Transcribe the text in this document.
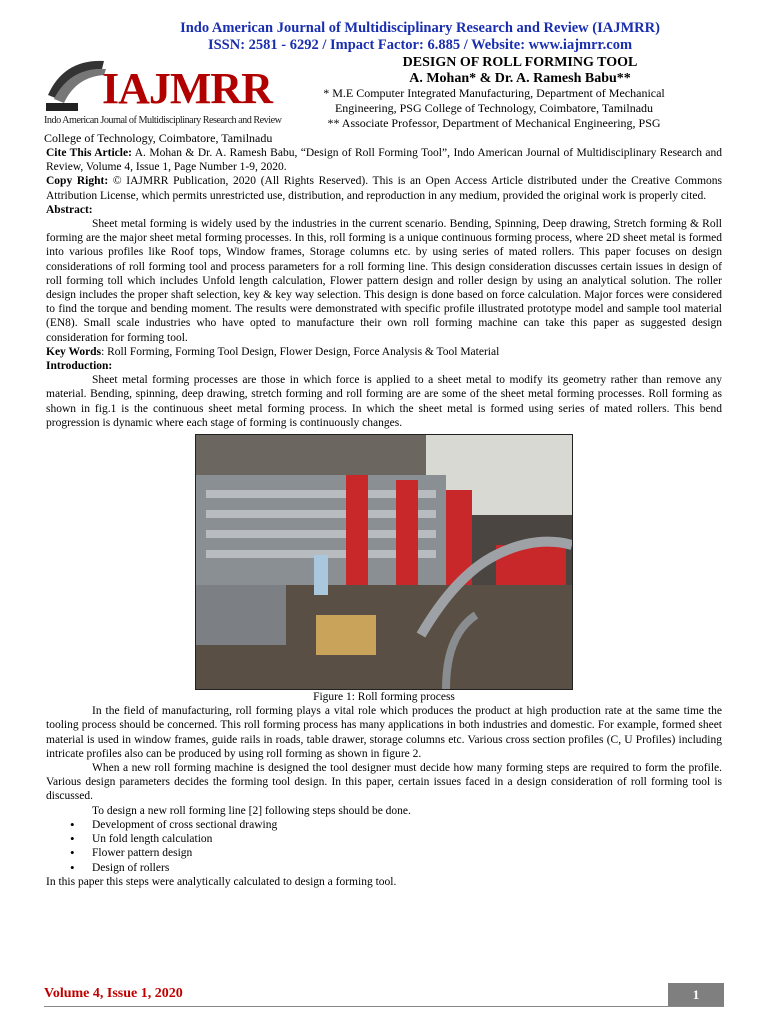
Indo American Journal of Multidisciplinary Research and Review (IAJMRR)
ISSN: 2581 - 6292 / Impact Factor: 6.885 / Website: www.iajmrr.com
IAJMRR
Indo American Journal of Multidisciplinary Research and Review
DESIGN OF ROLL FORMING TOOL
A. Mohan* & Dr. A. Ramesh Babu**
* M.E Computer Integrated Manufacturing, Department of Mechanical
Engineering, PSG College of Technology, Coimbatore, Tamilnadu
** Associate Professor, Department of Mechanical Engineering, PSG
College of Technology, Coimbatore, Tamilnadu

Cite This Article: A. Mohan & Dr. A. Ramesh Babu, “Design of Roll Forming Tool”, Indo American Journal of Multidisciplinary Research and Review, Volume 4, Issue 1, Page Number 1-9, 2020.

Copy Right: © IAJMRR Publication, 2020 (All Rights Reserved). This is an Open Access Article distributed under the Creative Commons Attribution License, which permits unrestricted use, distribution, and reproduction in any medium, provided the original work is properly cited.

Abstract:

Sheet metal forming is widely used by the industries in the current scenario. Bending, Spinning, Deep drawing, Stretch forming & Roll forming are the major sheet metal forming processes. In this, roll forming is a unique continuous forming process, where 2D sheet metal is formed into various profiles like Roof tops, Window frames, Storage columns etc. by using series of mated rollers. This paper focuses on design considerations of roll forming tool and process parameters for a roll forming line. This design consideration discusses certain issues in design of roll forming toll which includes Unfold length calculation, Flower pattern design and roller design by using an analytical solution. The roller design includes the proper shaft selection, key & key way selection. This design is done based on force calculation. Major forces were considered to find the torque and bending moment. The results were demonstrated with specific profile illustrated prototype model and sample tool material (EN8). Small scale industries who have opted to manufacture their own roll forming machine can take this paper as suggested design consideration for forming tool.

Key Words: Roll Forming, Forming Tool Design, Flower Design, Force Analysis & Tool Material

Introduction:

Sheet metal forming processes are those in which force is applied to a sheet metal to modify its geometry rather than remove any material. Bending, spinning, deep drawing, stretch forming and roll forming are are some of the sheet metal forming processes. Roll forming as shown in fig.1 is the continuous sheet metal forming process. In which the sheet metal is formed using series of mated rollers. This bend progression is dynamic where each stage of forming is continuously changes.

Figure 1: Roll forming process

In the field of manufacturing, roll forming plays a vital role which produces the product at high production rate at the same time the tooling process should be concerned. This roll forming process has many applications in both industries and domestic. For example, formed sheet material is used in window frames, guide rails in roads, table drawer, storage columns etc. Various cross section profiles (C, U Profiles) including intricate profiles also can be produced by using roll forming as shown in figure 2.

When a new roll forming machine is designed the tool designer must decide how many forming steps are required to form the profile. Various design parameters decides the forming tool design. In this paper, certain issues faced in a design consideration of roll forming tool is discussed.

To design a new roll forming line [2] following steps should be done.

• Development of cross sectional drawing
• Un fold length calculation
• Flower pattern design
• Design of rollers

In this paper this steps were analytically calculated to design a forming tool.

Volume 4, Issue 1, 2020	1
